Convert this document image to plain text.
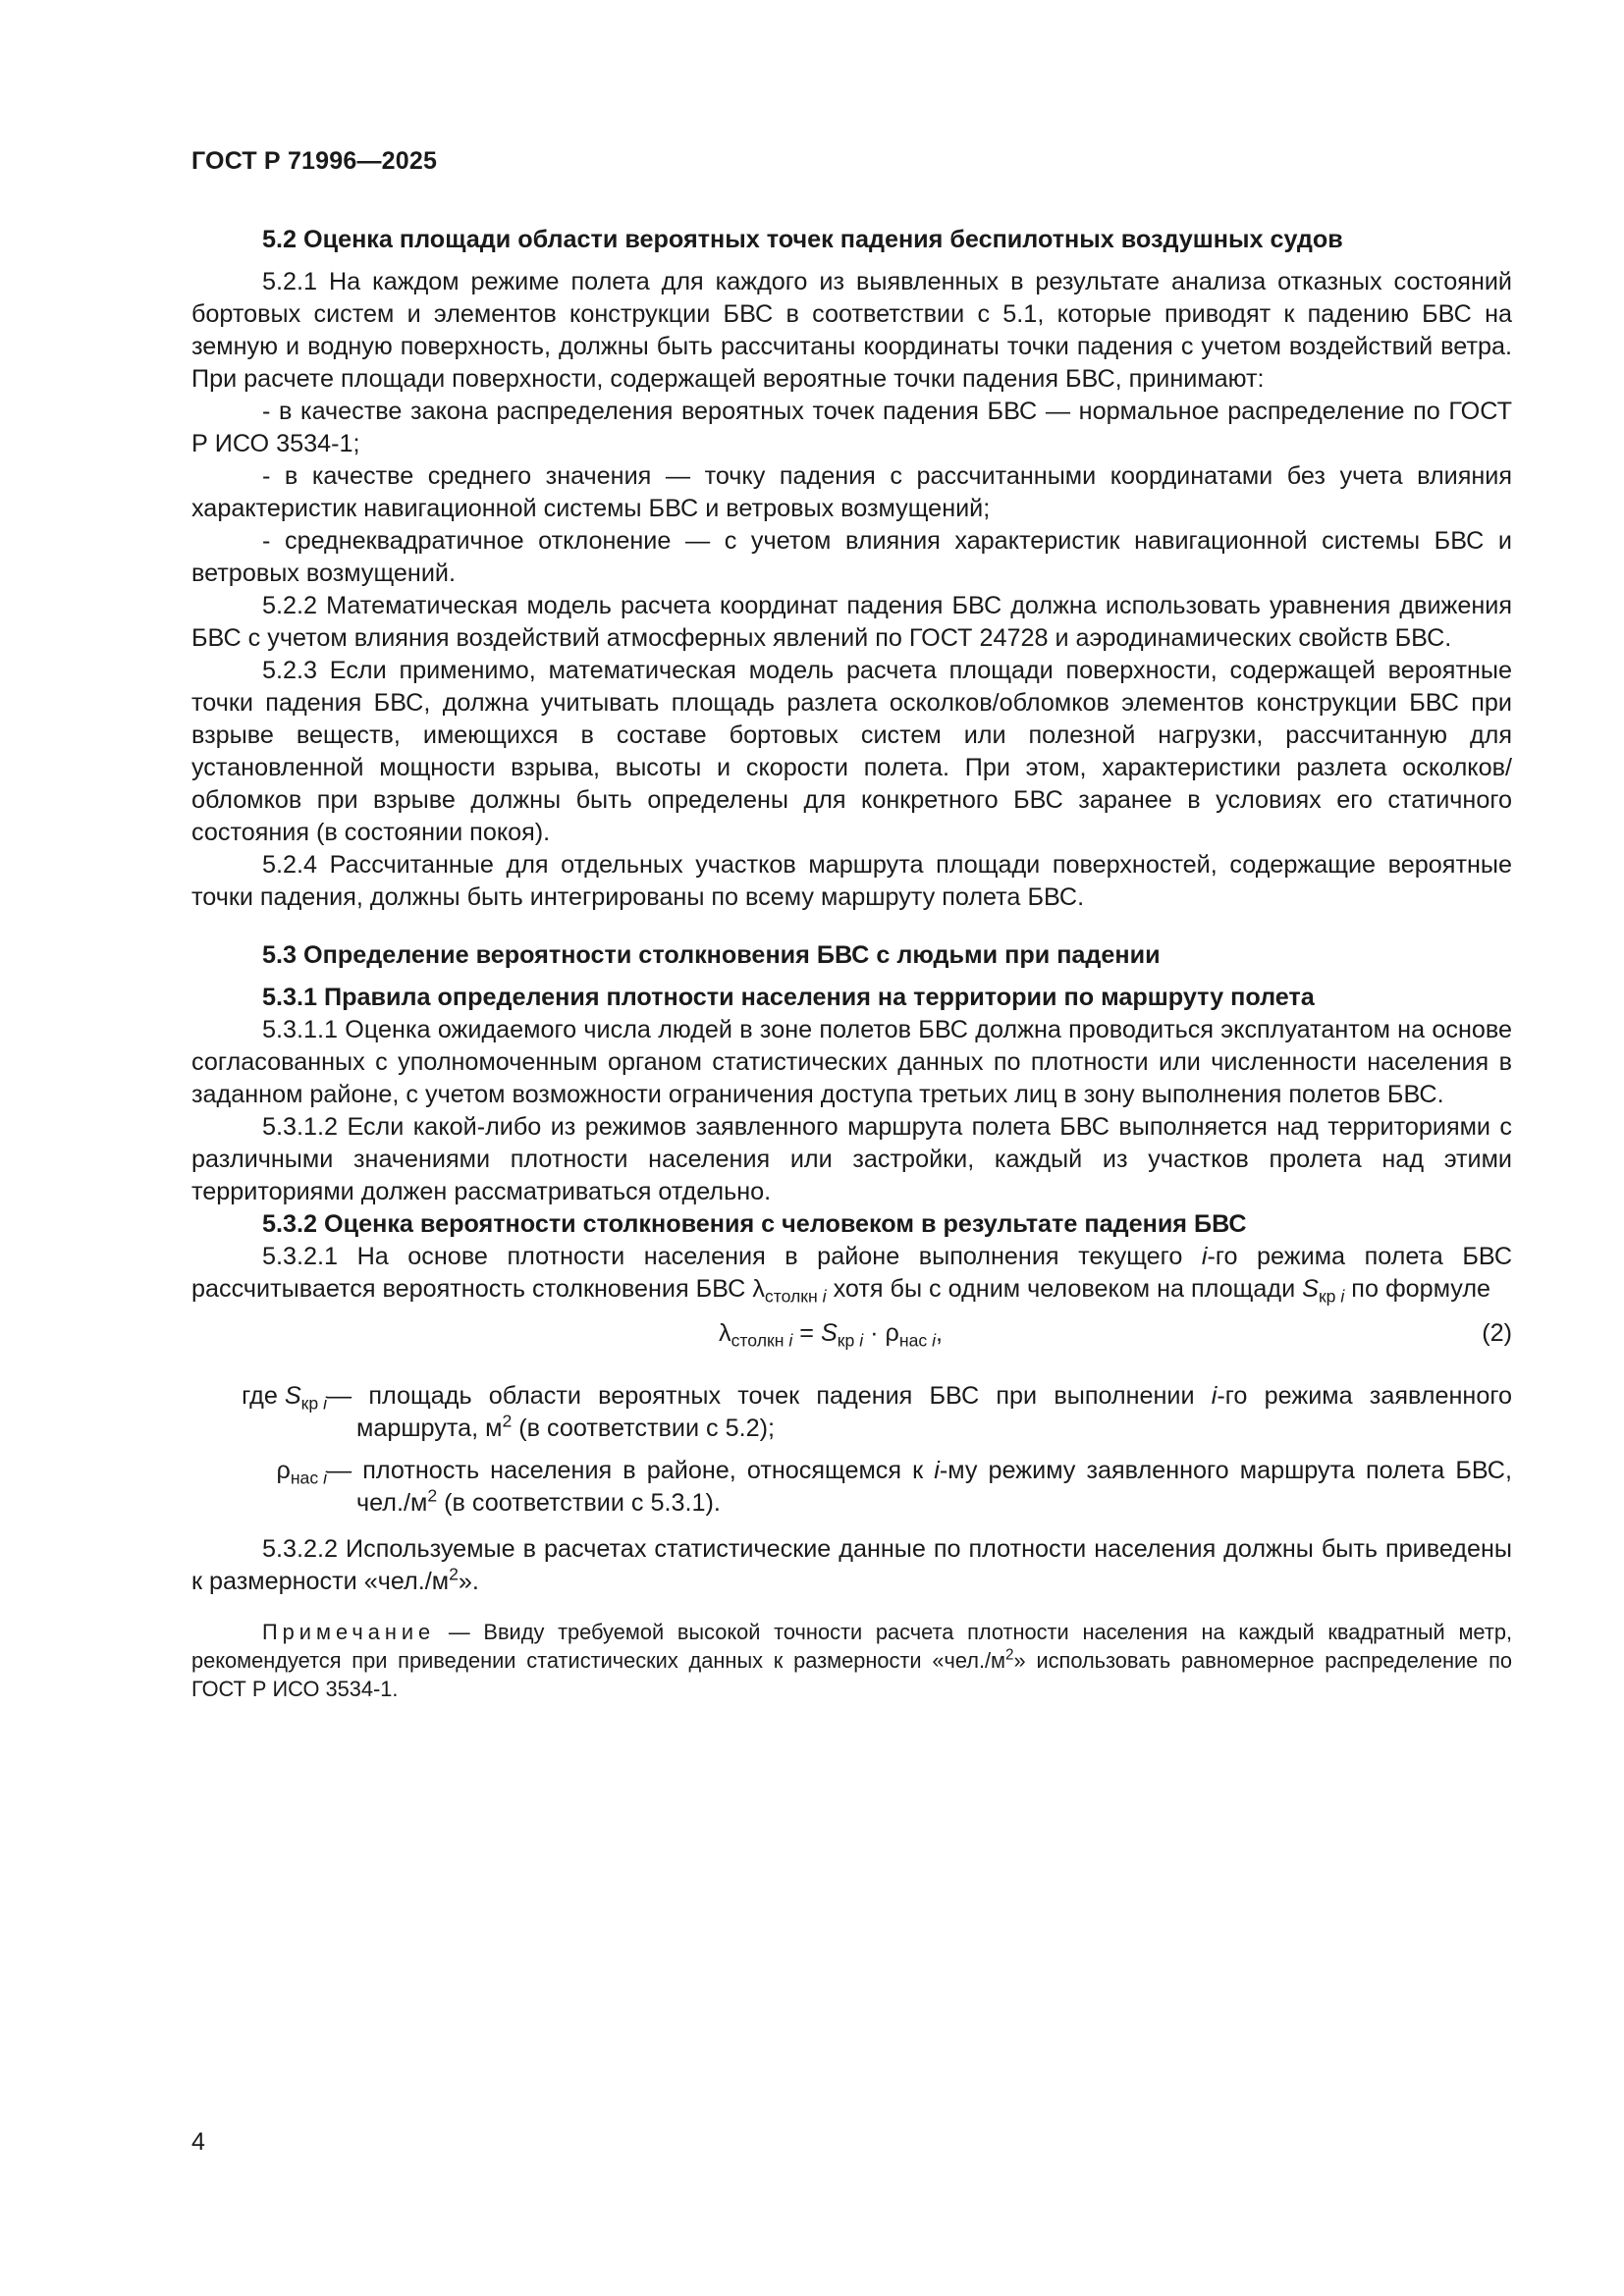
ГОСТ Р 71996—2025

5.2 Оценка площади области вероятных точек падения беспилотных воздушных судов

5.2.1 На каждом режиме полета для каждого из выявленных в результате анализа отказных состояний бортовых систем и элементов конструкции БВС в соответствии с 5.1, которые приводят к падению БВС на земную и водную поверхность, должны быть рассчитаны координаты точки падения с учетом воздействий ветра. При расчете площади поверхности, содержащей вероятные точки падения БВС, принимают:

- в качестве закона распределения вероятных точек падения БВС — нормальное распределение по ГОСТ Р ИСО 3534-1;

- в качестве среднего значения — точку падения с рассчитанными координатами без учета влияния характеристик навигационной системы БВС и ветровых возмущений;

- среднеквадратичное отклонение — с учетом влияния характеристик навигационной системы БВС и ветровых возмущений.

5.2.2 Математическая модель расчета координат падения БВС должна использовать уравнения движения БВС с учетом влияния воздействий атмосферных явлений по ГОСТ 24728 и аэродинамических свойств БВС.

5.2.3 Если применимо, математическая модель расчета площади поверхности, содержащей вероятные точки падения БВС, должна учитывать площадь разлета осколков/обломков элементов конструкции БВС при взрыве веществ, имеющихся в составе бортовых систем или полезной нагрузки, рассчитанную для установленной мощности взрыва, высоты и скорости полета. При этом, характеристики разлета осколков/обломков при взрыве должны быть определены для конкретного БВС заранее в условиях его статичного состояния (в состоянии покоя).

5.2.4 Рассчитанные для отдельных участков маршрута площади поверхностей, содержащие вероятные точки падения, должны быть интегрированы по всему маршруту полета БВС.

5.3 Определение вероятности столкновения БВС с людьми при падении

5.3.1 Правила определения плотности населения на территории по маршруту полета

5.3.1.1 Оценка ожидаемого числа людей в зоне полетов БВС должна проводиться эксплуатантом на основе согласованных с уполномоченным органом статистических данных по плотности или численности населения в заданном районе, с учетом возможности ограничения доступа третьих лиц в зону выполнения полетов БВС.

5.3.1.2 Если какой-либо из режимов заявленного маршрута полета БВС выполняется над территориями с различными значениями плотности населения или застройки, каждый из участков пролета над этими территориями должен рассматриваться отдельно.

5.3.2 Оценка вероятности столкновения с человеком в результате падения БВС

5.3.2.1 На основе плотности населения в районе выполнения текущего i-го режима полета БВС рассчитывается вероятность столкновения БВС $\lambda_{столкн i}$ хотя бы с одним человеком на площади $S_{кр i}$ по формуле

$\lambda_{столкн i} = S_{кр i} \cdot \rho_{нас i}$,	(2)
где $S_{кр i}$	— площадь области вероятных точек падения БВС при выполнении i-го режима заявленного маршрута, $м^2$ (в соответствии с 5.2);
$\rho_{нас i}$	— плотность населения в районе, относящемся к i-му режиму заявленного маршрута полета БВС, $чел./м^2$ (в соответствии с 5.3.1).

5.3.2.2 Используемые в расчетах статистические данные по плотности населения должны быть приведены к размерности «$чел./м^2$».

Примечание — Ввиду требуемой высокой точности расчета плотности населения на каждый квадратный метр, рекомендуется при приведении статистических данных к размерности «$чел./м^2$» использовать равномерное распределение по ГОСТ Р ИСО 3534-1.

4
